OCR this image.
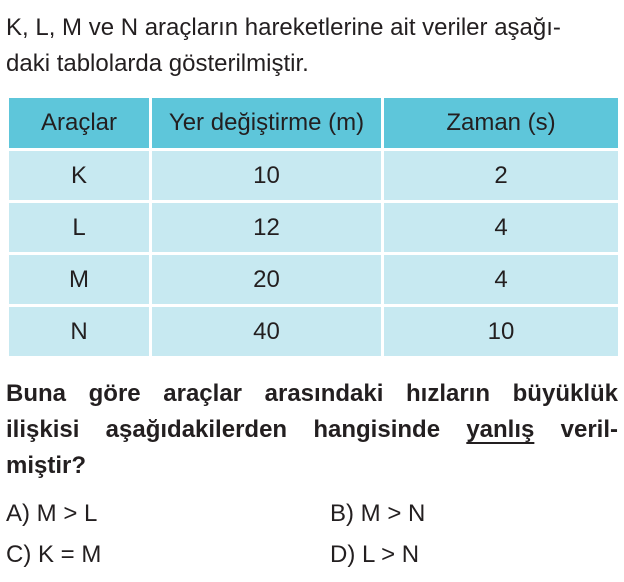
K, L, M ve N araçların hareketlerine ait veriler aşağı-

daki tablolarda gösterilmiştir.

Araçlar	Yer değiştirme (m)	Zaman (s)
K	10	2
L	12	4
M	20	4
N	40	10

Buna göre araçlar arasındaki hızların büyüklük

ilişkisi aşağıdakilerden hangisinde yanlış veril-

miştir?

A) M > L	B) M > N
C) K = M	D) L > N
